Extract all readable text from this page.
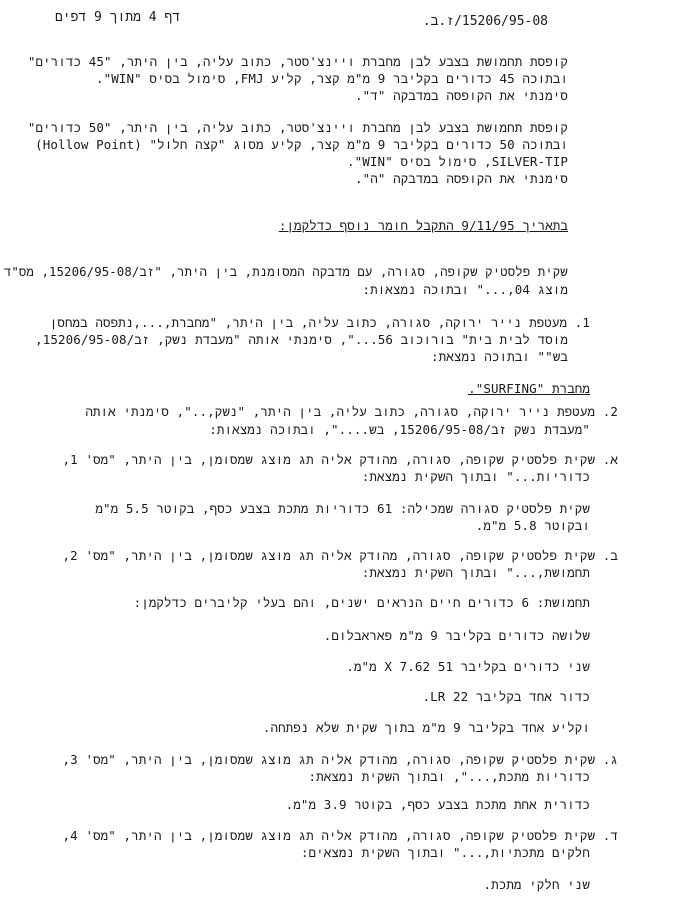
דף 4 מתוך 9 דפים	15206/95-08/ז.ב.
קופסת תחמושת בצבע לבן מחברת ויינצ'סטר, כתוב עליה, בין היתר, "45 כדורים"
ובתוכה 45 כדורים בקליבר 9 מ"מ קצר, קליע FMJ, סימול בסיס "WIN".
סימנתי את הקופסה במדבקה "ד".
קופסת תחמושת בצבע לבן מחברת ויינצ'סטר, כתוב עליה, בין היתר, "50 כדורים"
ובתוכה 50 כדורים בקליבר 9 מ"מ קצר, קליע מסוג "קצה חלול" (Hollow Point)
SILVER-TIP, סימול בסיס "WIN".
סימנתי את הקופסה במדבקה "ה".
בתאריך 9/11/95 התקבל חומר נוסף כדלקמן:
שקית פלסטיק שקופה, סגורה, עם מדבקה המסומנת, בין היתר, "זב/15206/95-08, מס"ד
מוצג 04,..." ובתוכה נמצאות:
1. מעטפת נייר ירוקה, סגורה, כתוב עליה, בין היתר, "מחברת,...,נתפסה במחסן
מוסד לבית בית" בורוכוב 56...", סימנתי אותה "מעבדת נשק, זב/15206/95-08,
בש"" ובתוכה נמצאת:
מחברת "SURFING".
2. מעטפת נייר ירוקה, סגורה, כתוב עליה, בין היתר, "נשק,..", סימנתי אותה
"מעבדת נשק זב/15206/95-08, בש....", ובתוכה נמצאות:
א. שקית פלסטיק שקופה, סגורה, מהודק אליה תג מוצג שמסומן, בין היתר, "מס' 1,
כדוריות..." ובתוך השקית נמצאת:
שקית פלסטיק סגורה שמכילה: 61 כדוריות מתכת בצבע כסף, בקוטר 5.5 מ"מ
ובקוטר 5.8 מ"מ.
ב. שקית פלסטיק שקופה, סגורה, מהודק אליה תג מוצג שמסומן, בין היתר, "מס' 2,
תחמושת,..." ובתוך השקית נמצאת:
תחמושת: 6 כדורים חיים הנראים ישנים, והם בעלי קליברים כדלקמן:
שלושה כדורים בקליבר 9 מ"מ פאראבלום.
שני כדורים בקליבר 51 X 7.62 מ"מ.
כדור אחד בקליבר 22 LR.
וקליע אחד בקליבר 9 מ"מ בתוך שקית שלא נפתחה.
ג. שקית פלסטיק שקופה, סגורה, מהודק אליה תג מוצג שמסומן, בין היתר, "מס' 3,
כדוריות מתכת,...", ובתוך השקית נמצאת:
כדורית אחת מתכת בצבע כסף, בקוטר 3.9 מ"מ.
ד. שקית פלסטיק שקופה, סגורה, מהודק אליה תג מוצג שמסומן, בין היתר, "מס' 4,
חלקים מתכתיות,..." ובתוך השקית נמצאים:
שני חלקי מתכת.
